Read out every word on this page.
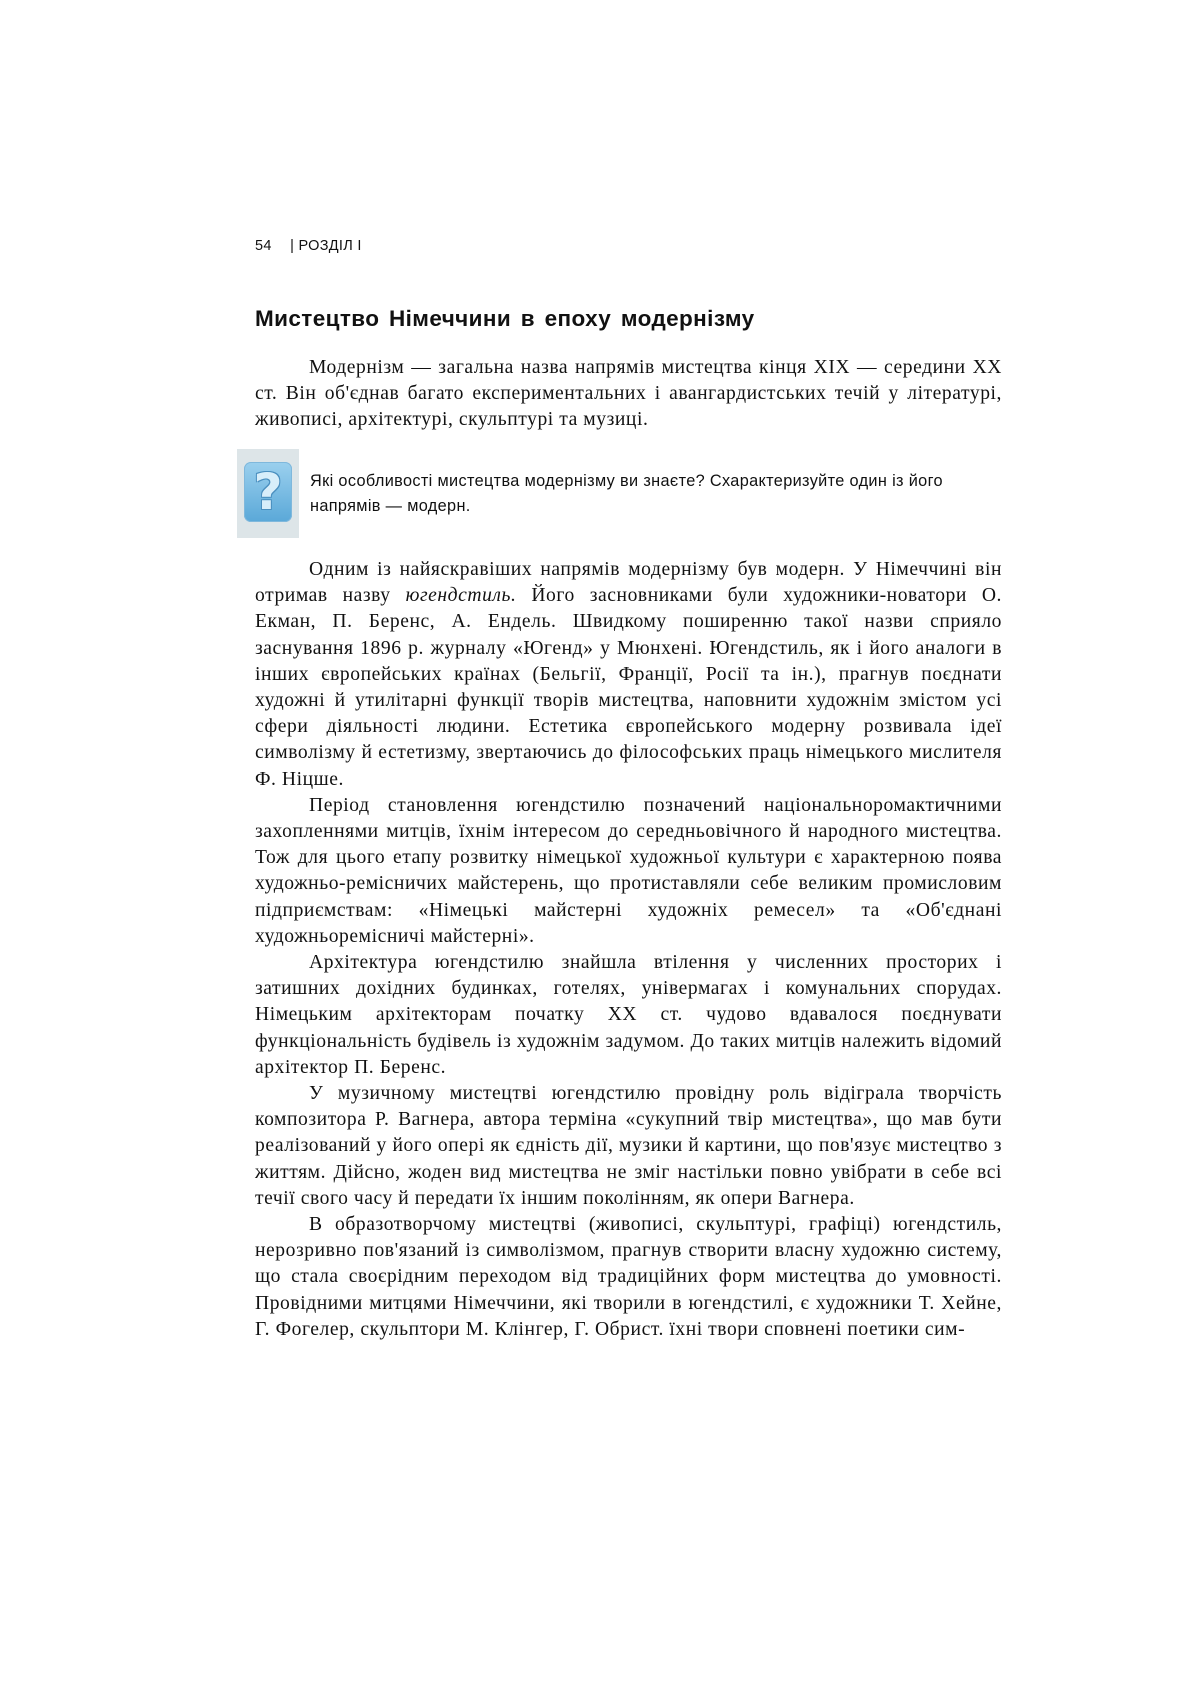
54 | РОЗДІЛ І
Мистецтво Німеччини в епоху модернізму

Модернізм — загальна назва напрямів мистецтва кінця XIX — середини XX ст. Він об'єднав багато експериментальних і авангардистських течій у літературі, живописі, архітектурі, скульптурі та музиці.

?	Які особливості мистецтва модернізму ви знаєте? Схарактеризуйте один із його напрямів — модерн.

Одним із найяскравіших напрямів модернізму був модерн. У Німеччині він отримав назву югендстиль. Його засновниками були художники-новатори О. Екман, П. Беренс, А. Ендель. Швидкому поширенню такої назви сприяло заснування 1896 р. журналу «Югенд» у Мюнхені. Югендстиль, як і його аналоги в інших європейських країнах (Бельгії, Франції, Росії та ін.), прагнув поєднати художні й утилітарні функції творів мистецтва, наповнити художнім змістом усі сфери діяльності людини. Естетика європейського модерну розвивала ідеї символізму й естетизму, звертаючись до філософських праць німецького мислителя Ф. Ніцше.

Період становлення югендстилю позначений національноромактичними захопленнями митців, їхнім інтересом до середньовічного й народного мистецтва. Тож для цього етапу розвитку німецької художньої культури є характерною поява художньо-ремісничих майстерень, що протиставляли себе великим промисловим підприємствам: «Німецькі майстерні художніх ремесел» та «Об'єднані художньоремісничі майстерні».

Архітектура югендстилю знайшла втілення у численних просторих і затишних дохідних будинках, готелях, універмагах і комунальних спорудах. Німецьким архітекторам початку XX ст. чудово вдавалося поєднувати функціональність будівель із художнім задумом. До таких митців належить відомий архітектор П. Беренс.

У музичному мистецтві югендстилю провідну роль відіграла творчість композитора Р. Вагнера, автора терміна «сукупний твір мистецтва», що мав бути реалізований у його опері як єдність дії, музики й картини, що пов'язує мистецтво з життям. Дійсно, жоден вид мистецтва не зміг настільки повно увібрати в себе всі течії свого часу й передати їх іншим поколінням, як опери Вагнера.

В образотворчому мистецтві (живописі, скульптурі, графіці) югендстиль, нерозривно пов'язаний із символізмом, прагнув створити власну художню систему, що стала своєрідним переходом від традиційних форм мистецтва до умовності. Провідними митцями Німеччини, які творили в югендстилі, є художники Т. Хейне, Г. Фогелер, скульптори М. Клінгер, Г. Обрист. їхні твори сповнені поетики сим-
